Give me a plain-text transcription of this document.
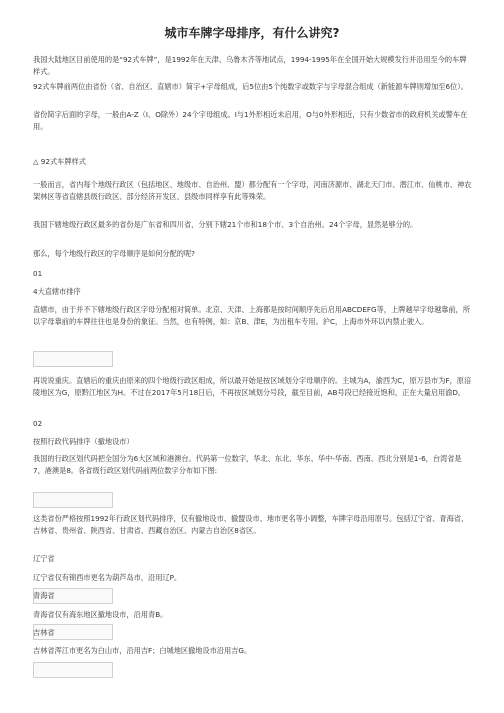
城市车牌字母排序，有什么讲究?

我国大陆地区目前使用的是“92式车牌”，是1992年在天津、乌鲁木齐等地试点，1994-1995年在全国开始大规模发行并沿用至今的车牌样式。

92式车牌前两位由省份（省、自治区、直辖市）简字+字母组成，后5位由5个纯数字或数字与字母混合组成（新能源车牌则增加至6位）。

省份简字后面的字母，一般由A-Z（I、O除外）24个字母组成。I与1外形相近未启用，O与0外形相近，只有少数省市的政府机关或警车在用。

△ 92式车牌样式

一般而言，省内每个地级行政区（包括地区、地级市、自治州、盟）都分配有一个字母，河南济源市、湖北天门市、潜江市、仙桃市、神农架林区等省直辖县级行政区、部分经济开发区、县级市同样享有此等殊荣。

我国下辖地级行政区最多的省份是广东省和四川省，分别下辖21个市和18个市、3个自治州。24个字母，显然是够分的。

那么，每个地级行政区的字母顺序是如何分配的呢?

01

4大直辖市排序

直辖市，由于并不下辖地级行政区字母分配相对简单。北京、天津、上海都是按时间顺序先后启用ABCDEFG等，上牌越早字母越靠前，所以字母靠前的车牌往往也是身份的象征。当然，也有特例，如：京B、津E，为出租车专用。沪C，上海市外环以内禁止驶入。

再说说重庆。直辖后的重庆由原来的四个地级行政区组成，所以最开始是按区域划分字母顺序的。主城为A，渝西为C，原万县市为F，原涪陵地区为G，原黔江地区为H。不过在2017年5月18日后，不再按区域划分号段，截至目前，AB号段已经接近饱和，正在大量启用渝D。

02

按照行政代码排序（撤地设市）

我国的行政区划代码把全国分为6大区域和港澳台。代码第一位数字，华北、东北、华东、华中-华南、西南、西北分别是1-6，台湾省是7，港澳是8。各省级行政区划代码前两位数字分布如下图:

这类省份严格按照1992年行政区划代码排序，仅有撤地设市、撤盟设市、地市更名等小调整，车牌字母沿用原号。包括辽宁省、青海省、吉林省、贵州省、陕西省、甘肃省、西藏自治区、内蒙古自治区8省区。

辽宁省

辽宁省仅有锦西市更名为葫芦岛市，沿用辽P。

青海省

青海省仅有海东地区撤地设市，沿用青B。

吉林省

吉林省浑江市更名为白山市，沿用吉F；白城地区撤地设市沿用吉G。
